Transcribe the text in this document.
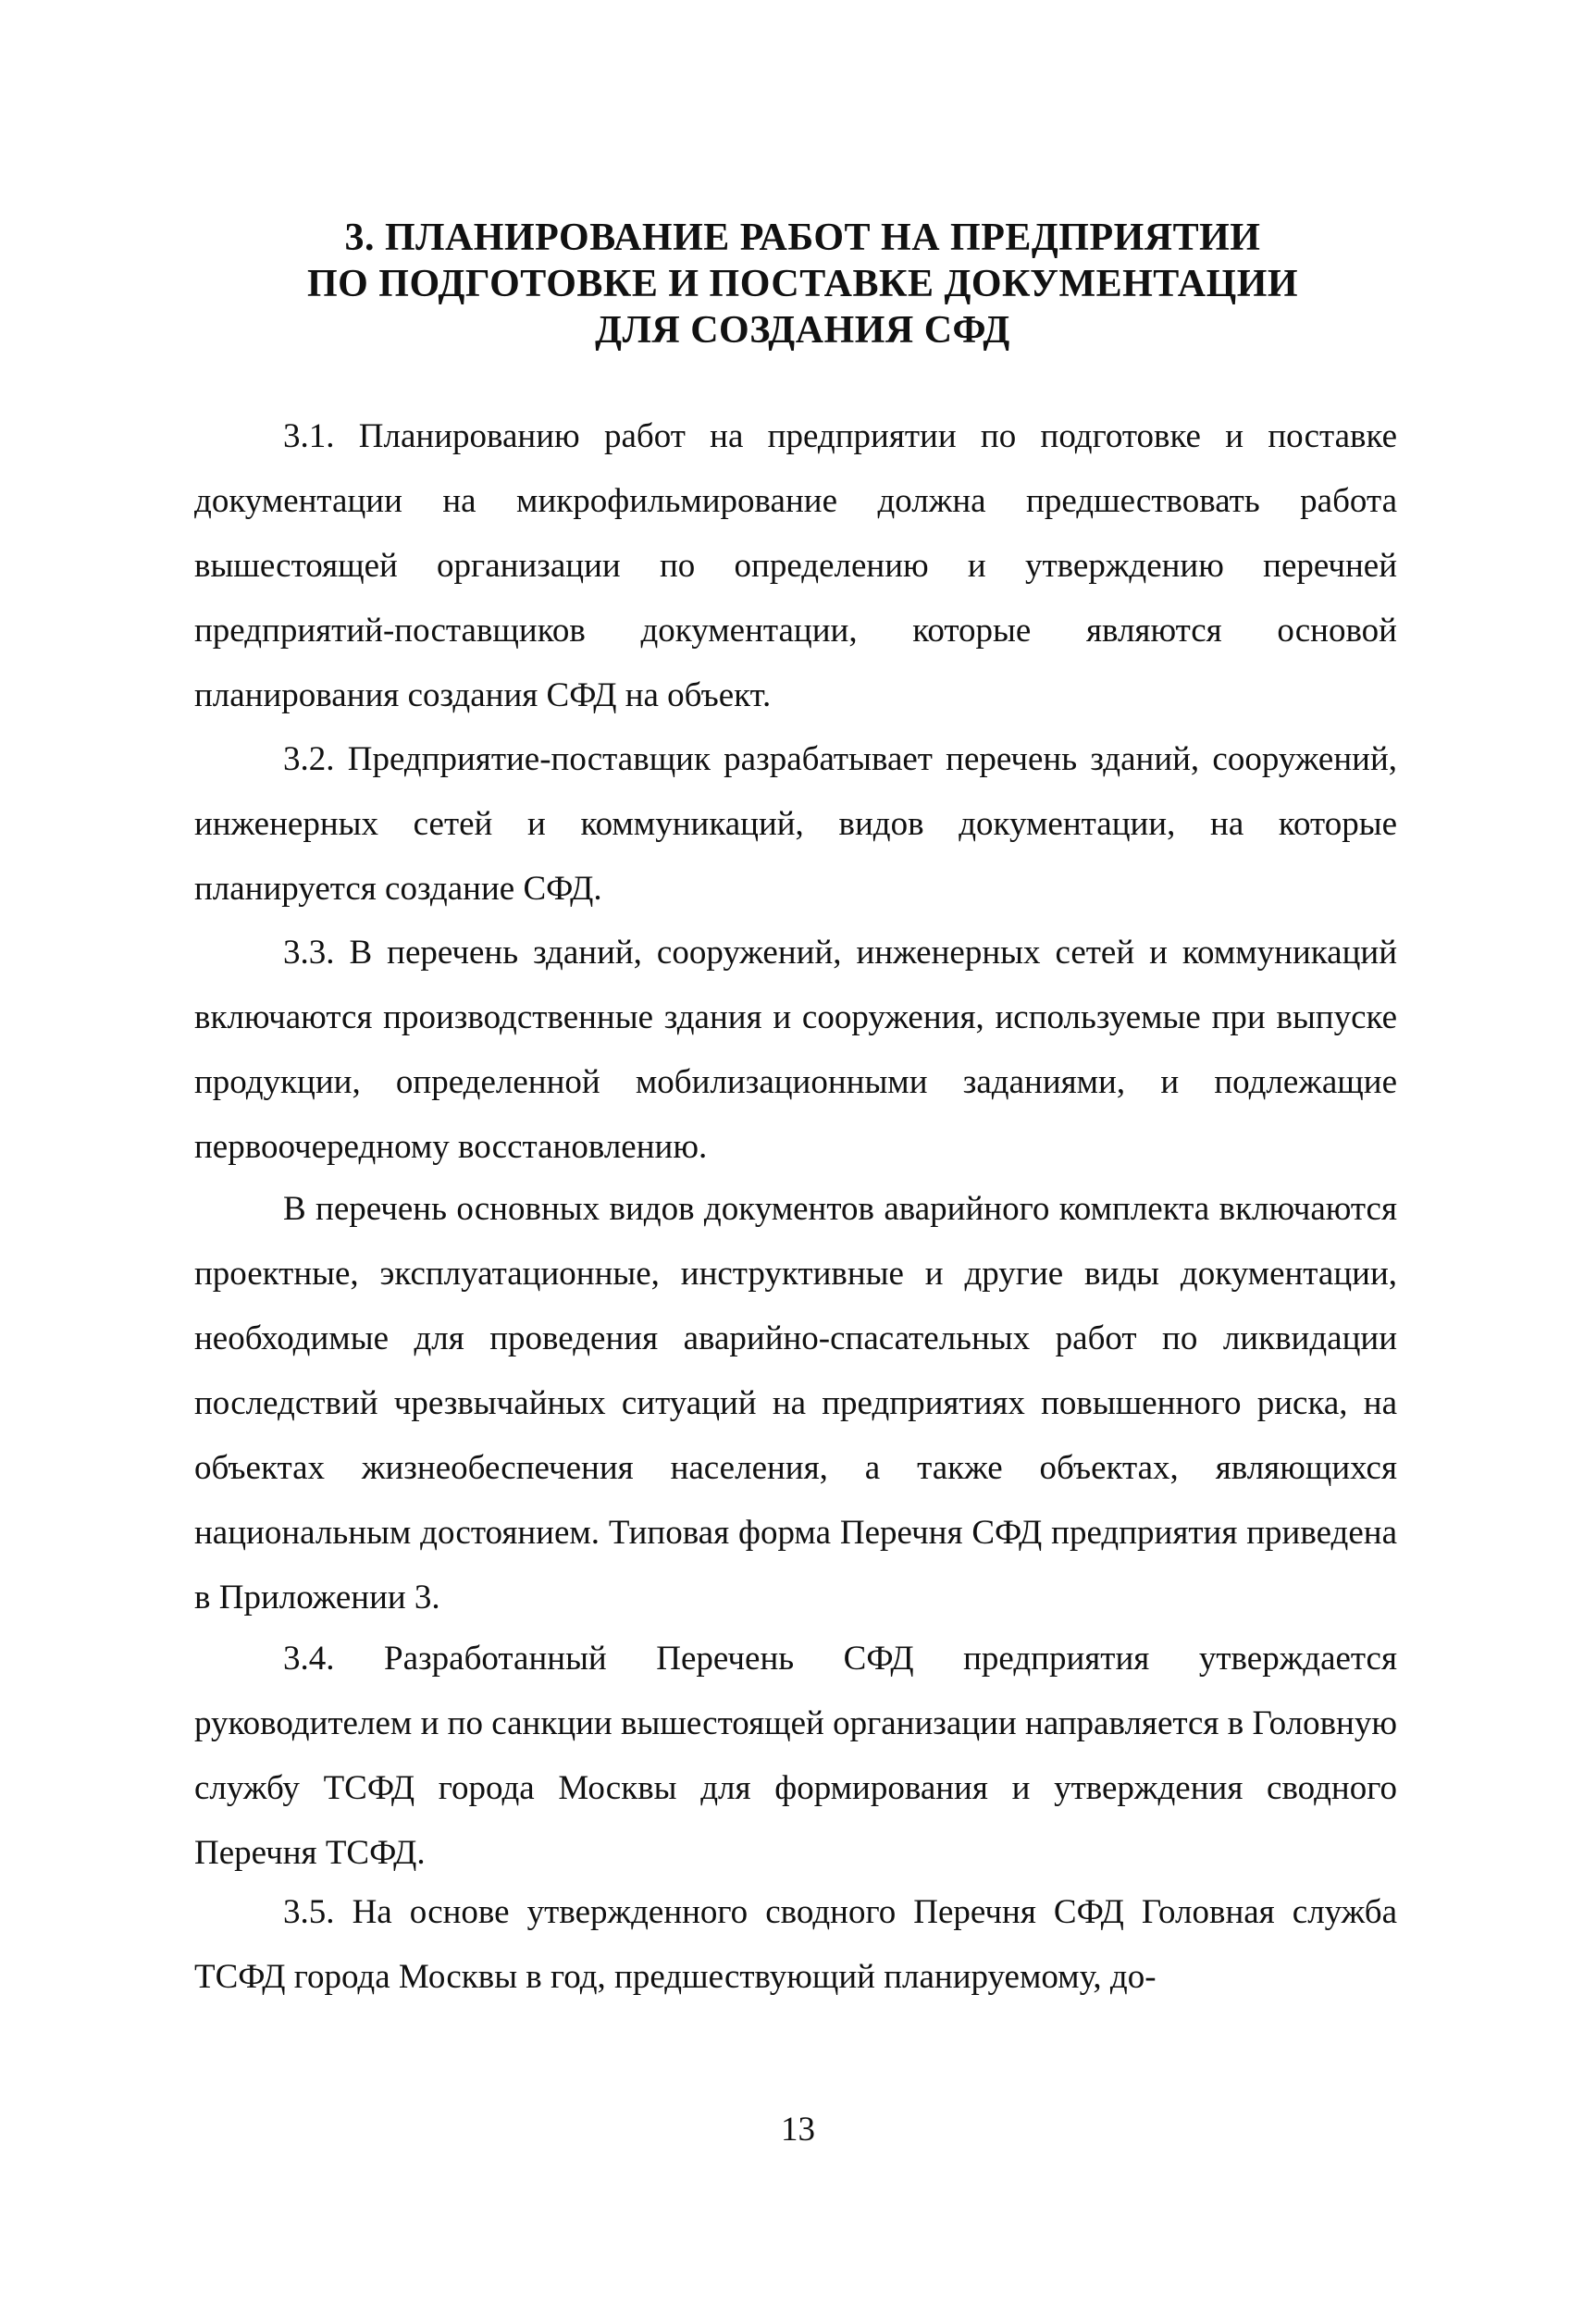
3. ПЛАНИРОВАНИЕ РАБОТ НА ПРЕДПРИЯТИИ
ПО ПОДГОТОВКЕ И ПОСТАВКЕ ДОКУМЕНТАЦИИ
ДЛЯ СОЗДАНИЯ СФД

3.1. Планированию работ на предприятии по подготовке и поставке документации на микрофильмирование должна предшествовать работа вышестоящей организации по определению и утверждению перечней предприятий-поставщиков документации, которые являются основой планирования создания СФД на объект.

3.2. Предприятие-поставщик разрабатывает перечень зданий, сооружений, инженерных сетей и коммуникаций, видов документации, на которые планируется создание СФД.

3.3. В перечень зданий, сооружений, инженерных сетей и коммуникаций включаются производственные здания и сооружения, используемые при выпуске продукции, определенной мобилизационными заданиями, и подлежащие первоочередному восстановлению.

В перечень основных видов документов аварийного комплекта включаются проектные, эксплуатационные, инструктивные и другие виды документации, необходимые для проведения аварийно-спасательных работ по ликвидации последствий чрезвычайных ситуаций на предприятиях повышенного риска, на объектах жизнеобеспечения населения, а также объектах, являющихся национальным достоянием. Типовая форма Перечня СФД предприятия приведена в Приложении 3.

3.4. Разработанный Перечень СФД предприятия утверждается руководителем и по санкции вышестоящей организации направляется в Головную службу ТСФД города Москвы для формирования и утверждения сводного Перечня ТСФД.

3.5. На основе утвержденного сводного Перечня СФД Головная служба ТСФД города Москвы в год, предшествующий планируемому, до-

13
